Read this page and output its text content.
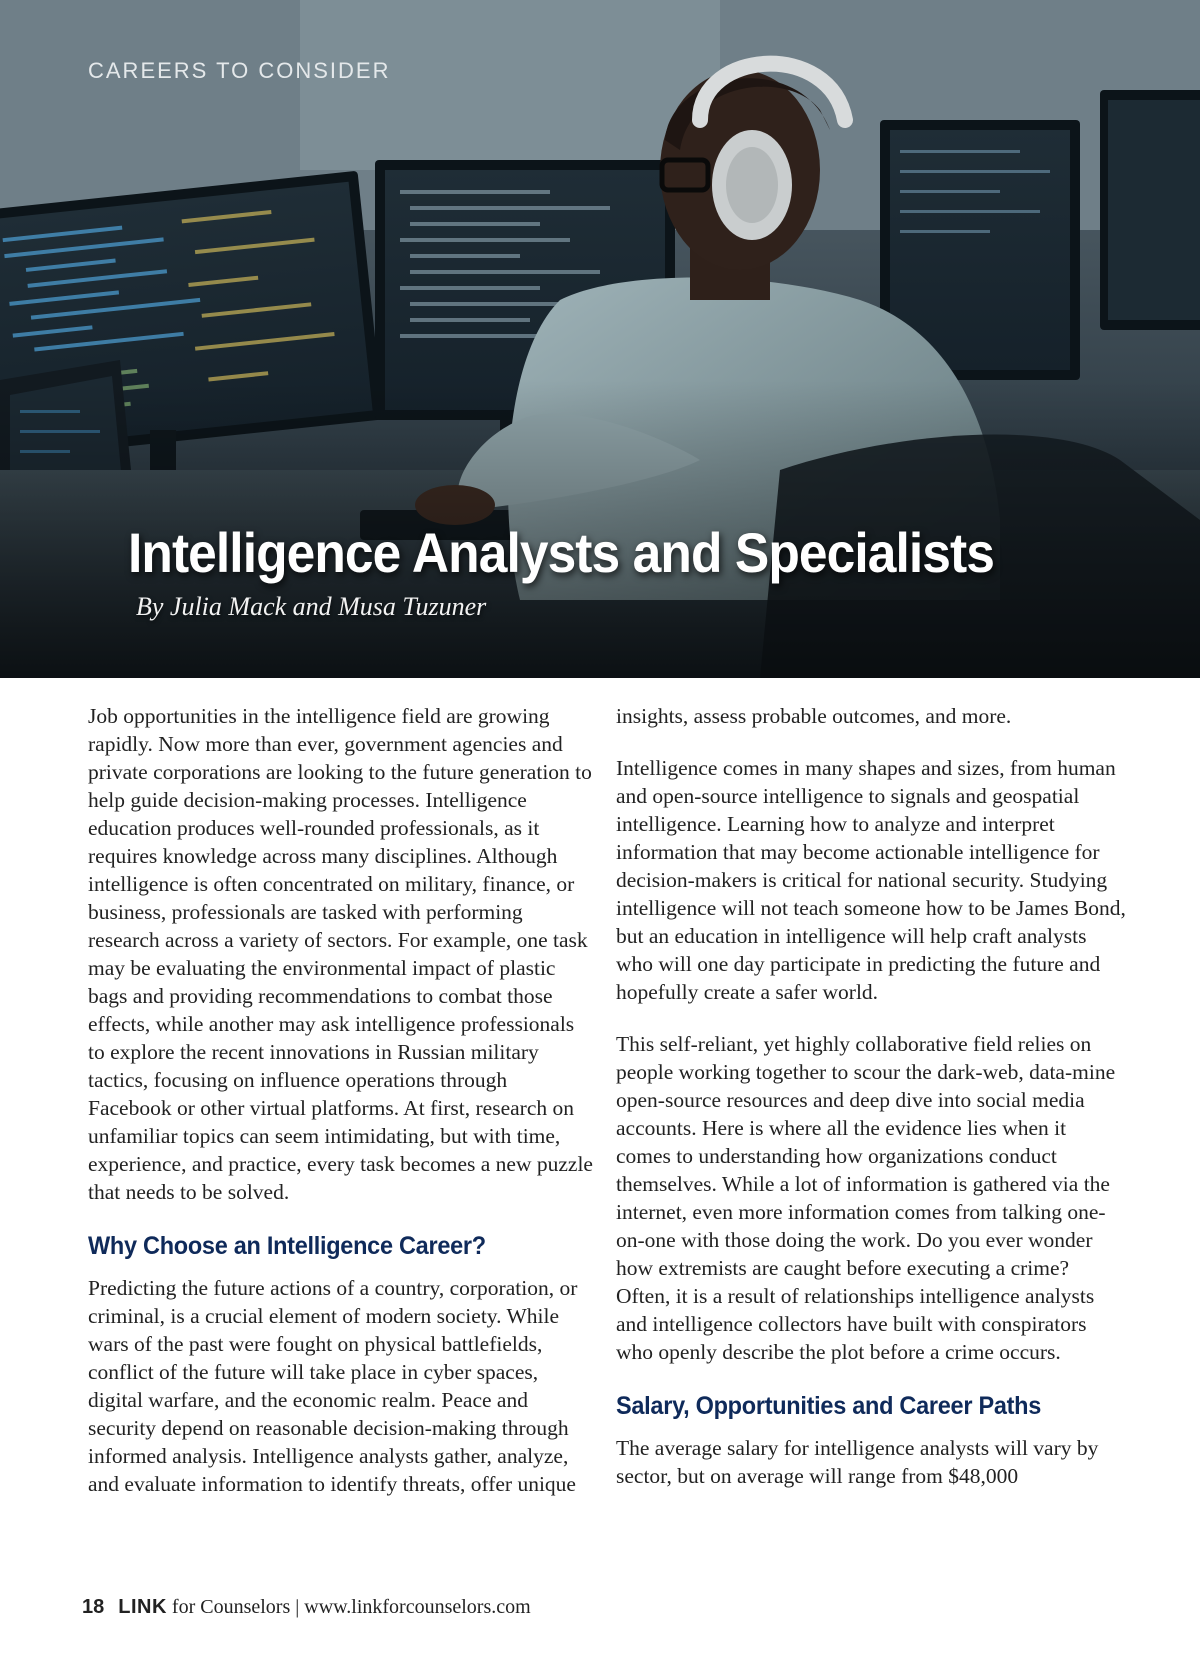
CAREERS TO CONSIDER
Intelligence Analysts and Specialists
By Julia Mack and Musa Tuzuner

Job opportunities in the intelligence field are growing rapidly. Now more than ever, government agencies and private corporations are looking to the future generation to help guide decision-making processes. Intelligence education produces well-rounded professionals, as it requires knowledge across many disciplines. Although intelligence is often concentrated on military, finance, or business, professionals are tasked with performing research across a variety of sectors. For example, one task may be evaluating the environmental impact of plastic bags and providing recommendations to combat those effects, while another may ask intelligence professionals to explore the recent innovations in Russian military tactics, focusing on influence operations through Facebook or other virtual platforms. At first, research on unfamiliar topics can seem intimidating, but with time, experience, and practice, every task becomes a new puzzle that needs to be solved.

Why Choose an Intelligence Career?

Predicting the future actions of a country, corporation, or criminal, is a crucial element of modern society. While wars of the past were fought on physical battlefields, conflict of the future will take place in cyber spaces, digital warfare, and the economic realm. Peace and security depend on reasonable decision-making through informed analysis. Intelligence analysts gather, analyze, and evaluate information to identify threats, offer unique

insights, assess probable outcomes, and more.

Intelligence comes in many shapes and sizes, from human and open-source intelligence to signals and geospatial intelligence. Learning how to analyze and interpret information that may become actionable intelligence for decision-makers is critical for national security. Studying intelligence will not teach someone how to be James Bond, but an education in intelligence will help craft analysts who will one day participate in predicting the future and hopefully create a safer world.

This self-reliant, yet highly collaborative field relies on people working together to scour the dark-web, data-mine open-source resources and deep dive into social media accounts. Here is where all the evidence lies when it comes to understanding how organizations conduct themselves. While a lot of information is gathered via the internet, even more information comes from talking one-on-one with those doing the work. Do you ever wonder how extremists are caught before executing a crime? Often, it is a result of relationships intelligence analysts and intelligence collectors have built with conspirators who openly describe the plot before a crime occurs.

Salary, Opportunities and Career Paths

The average salary for intelligence analysts will vary by sector, but on average will range from $48,000

18 LINK for Counselors | www.linkforcounselors.com
